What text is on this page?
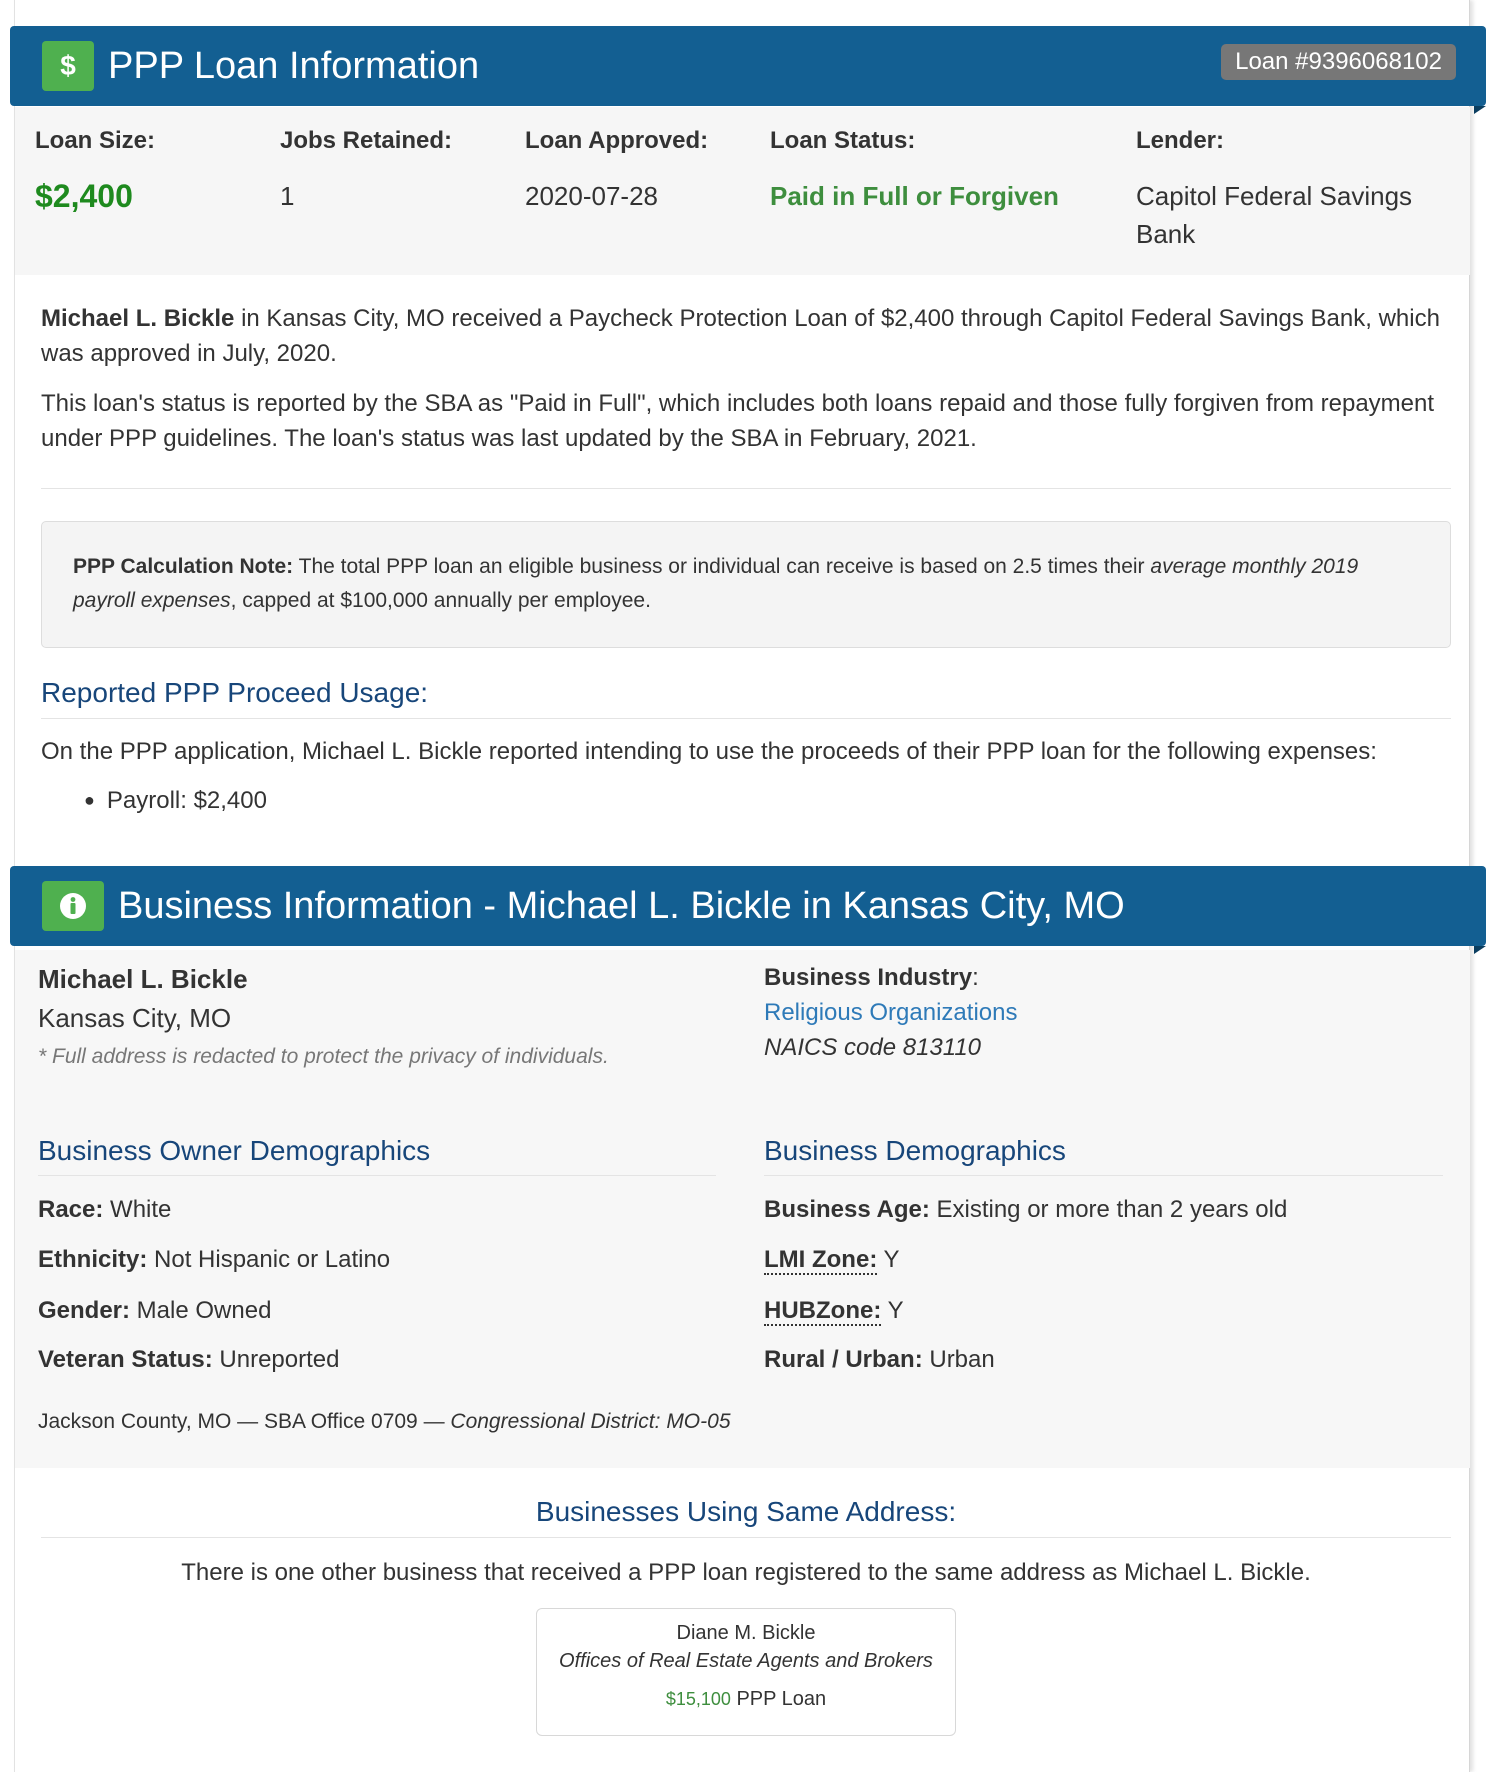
$ PPP Loan Information	Loan #9396068102
Loan Size:
$2,400
Jobs Retained:
1
Loan Approved:
2020-07-28
Loan Status:
Paid in Full or Forgiven
Lender:
Capitol Federal Savings Bank
Michael L. Bickle in Kansas City, MO received a Paycheck Protection Loan of $2,400 through Capitol Federal Savings Bank, which was approved in July, 2020.
This loan's status is reported by the SBA as "Paid in Full", which includes both loans repaid and those fully forgiven from repayment under PPP guidelines. The loan's status was last updated by the SBA in February, 2021.
PPP Calculation Note: The total PPP loan an eligible business or individual can receive is based on 2.5 times their average monthly 2019 payroll expenses, capped at $100,000 annually per employee.
Reported PPP Proceed Usage:
On the PPP application, Michael L. Bickle reported intending to use the proceeds of their PPP loan for the following expenses:
● Payroll: $2,400
Business Information - Michael L. Bickle in Kansas City, MO
Michael L. Bickle
Kansas City, MO
* Full address is redacted to protect the privacy of individuals.
Business Industry:
Religious Organizations
NAICS code 813110
Business Owner Demographics	Business Demographics
Race: White
Ethnicity: Not Hispanic or Latino
Gender: Male Owned
Veteran Status: Unreported
Business Age: Existing or more than 2 years old
LMI Zone: Y
HUBZone: Y
Rural / Urban: Urban
Jackson County, MO — SBA Office 0709 — Congressional District: MO-05
Businesses Using Same Address:
There is one other business that received a PPP loan registered to the same address as Michael L. Bickle.
Diane M. Bickle
Offices of Real Estate Agents and Brokers
$15,100 PPP Loan
